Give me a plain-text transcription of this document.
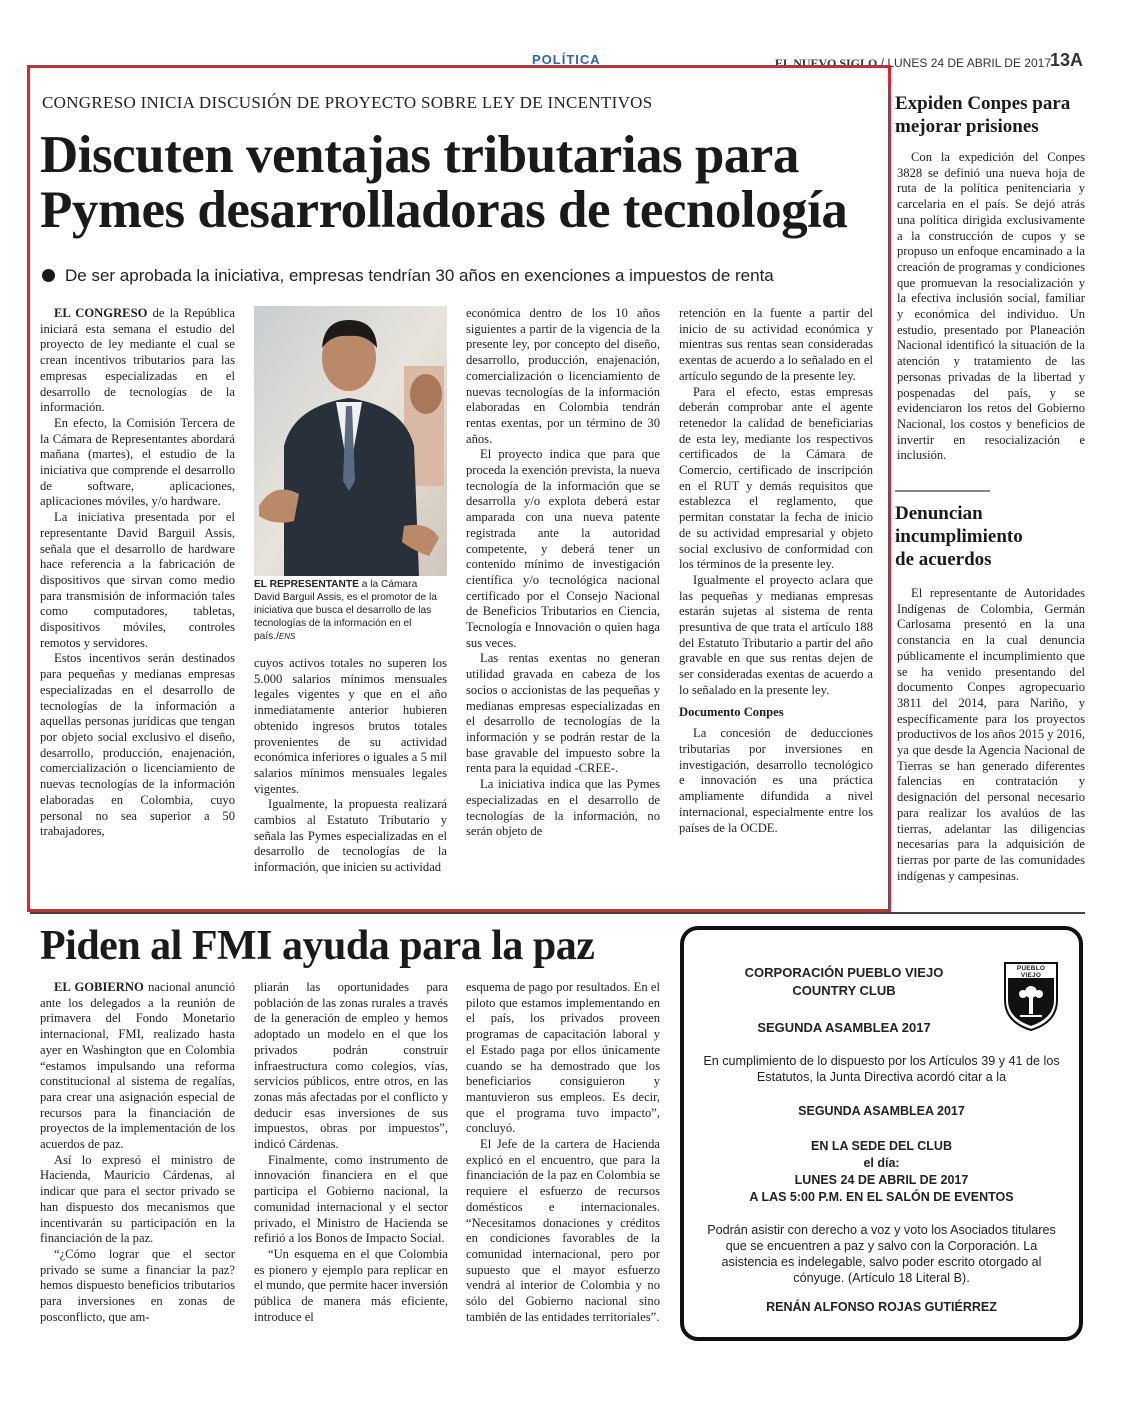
POLÍTICA	EL NUEVO SIGLO / LUNES 24 DE ABRIL DE 2017
13A
CONGRESO INICIA DISCUSIÓN DE PROYECTO SOBRE LEY DE INCENTIVOS
Discuten ventajas tributarias para
Pymes desarrolladoras de tecnología
De ser aprobada la iniciativa, empresas tendrían 30 años en exenciones a impuestos de renta

EL CONGRESO de la República iniciará esta semana el estudio del proyecto de ley mediante el cual se crean incentivos tributarios para las empresas especializadas en el desarrollo de tecnologías de la información.

En efecto, la Comisión Tercera de la Cámara de Representantes abordará mañana (martes), el estudio de la iniciativa que comprende el desarrollo de software, aplicaciones, aplicaciones móviles, y/o hardware.

La iniciativa presentada por el representante David Barguil Assis, señala que el desarrollo de hardware hace referencia a la fabricación de dispositivos que sirvan como medio para transmisión de información tales como computadores, tabletas, dispositivos móviles, controles remotos y servidores.

Estos incentivos serán destinados para pequeñas y medianas empresas especializadas en el desarrollo de tecnologías de la información a aquellas personas jurídicas que tengan por objeto social exclusivo el diseño, desarrollo, producción, enajenación, comercialización o licenciamiento de nuevas tecnologías de la información elaboradas en Colombia, cuyo personal no sea superior a 50 trabajadores,

EL REPRESENTANTE a la Cámara David Barguil Assis, es el promotor de la iniciativa que busca el desarrollo de las tecnologías de la información en el país./ENS

cuyos activos totales no superen los 5.000 salarios mínimos mensuales legales vigentes y que en el año inmediatamente anterior hubieren obtenido ingresos brutos totales provenientes de su actividad económica inferiores o iguales a 5 mil salarios mínimos mensuales legales vigentes.

Igualmente, la propuesta realizará cambios al Estatuto Tributario y señala las Pymes especializadas en el desarrollo de tecnologías de la información, que inicien su actividad

económica dentro de los 10 años siguientes a partir de la vigencia de la presente ley, por concepto del diseño, desarrollo, producción, enajenación, comercialización o licenciamiento de nuevas tecnologías de la información elaboradas en Colombia tendrán rentas exentas, por un término de 30 años.

El proyecto indica que para que proceda la exención prevista, la nueva tecnología de la información que se desarrolla y/o explota deberá estar amparada con una nueva patente registrada ante la autoridad competente, y deberá tener un contenido mínimo de investigación científica y/o tecnológica nacional certificado por el Consejo Nacional de Beneficios Tributarios en Ciencia, Tecnología e Innovación o quien haga sus veces.

Las rentas exentas no generan utilidad gravada en cabeza de los socios o accionistas de las pequeñas y medianas empresas especializadas en el desarrollo de tecnologías de la información y se podrán restar de la base gravable del impuesto sobre la renta para la equidad -CREE-.

La iniciativa indica que las Pymes especializadas en el desarrollo de tecnologías de la información, no serán objeto de

retención en la fuente a partir del inicio de su actividad económica y mientras sus rentas sean consideradas exentas de acuerdo a lo señalado en el artículo segundo de la presente ley.

Para el efecto, estas empresas deberán comprobar ante el agente retenedor la calidad de beneficiarias de esta ley, mediante los respectivos certificados de la Cámara de Comercio, certificado de inscripción en el RUT y demás requisitos que establezca el reglamento, que permitan constatar la fecha de inicio de su actividad empresarial y objeto social exclusivo de conformidad con los términos de la presente ley.

Igualmente el proyecto aclara que las pequeñas y medianas empresas estarán sujetas al sistema de renta presuntiva de que trata el artículo 188 del Estatuto Tributario a partir del año gravable en que sus rentas dejen de ser consideradas exentas de acuerdo a lo señalado en la presente ley.

Documento Conpes

La concesión de deducciones tributarias por inversiones en investigación, desarrollo tecnológico e innovación es una práctica ampliamente difundida a nivel internacional, especialmente entre los países de la OCDE.

Expiden Conpes para
mejorar prisiones

Con la expedición del Conpes 3828 se definió una nueva hoja de ruta de la política penitenciaria y carcelaria en el país. Se dejó atrás una política dirigida exclusivamente a la construcción de cupos y se propuso un enfoque encaminado a la creación de programas y condiciones que promuevan la resocialización y la efectiva inclusión social, familiar y económica del individuo. Un estudio, presentado por Planeación Nacional identificó la situación de la atención y tratamiento de las personas privadas de la libertad y pospenadas del país, y se evidenciaron los retos del Gobierno Nacional, los costos y beneficios de invertir en resocialización e inclusión.

Denuncian
incumplimiento
de acuerdos

El representante de Autoridades Indígenas de Colombia, Germán Carlosama presentó en la una constancia en la cual denuncia públicamente el incumplimiento que se ha venido presentando del documento Conpes agropecuario 3811 del 2014, para Nariño, y específicamente para los proyectos productivos de los años 2015 y 2016, ya que desde la Agencia Nacional de Tierras se han generado diferentes falencias en contratación y designación del personal necesario para realizar los avalúos de las tierras, adelantar las diligencias necesarias para la adquisición de tierras por parte de las comunidades indígenas y campesinas.

Piden al FMI ayuda para la paz

EL GOBIERNO nacional anunció ante los delegados a la reunión de primavera del Fondo Monetario internacional, FMI, realizado hasta ayer en Washington que en Colombia “estamos impulsando una reforma constitucional al sistema de regalías, para crear una asignación especial de recursos para la financiación de proyectos de la implementación de los acuerdos de paz.

Así lo expresó el ministro de Hacienda, Mauricio Cárdenas, al indicar que para el sector privado se han dispuesto dos mecanismos que incentivarán su participación en la financiación de la paz.

“¿Cómo lograr que el sector privado se sume a financiar la paz? hemos dispuesto beneficios tributarios para inversiones en zonas de posconflicto, que am-

pliarán las oportunidades para población de las zonas rurales a través de la generación de empleo y hemos adoptado un modelo en el que los privados podrán construir infraestructura como colegios, vías, servicios públicos, entre otros, en las zonas más afectadas por el conflicto y deducir esas inversiones de sus impuestos, obras por impuestos”, indicó Cárdenas.

Finalmente, como instrumento de innovación financiera en el que participa el Gobierno nacional, la comunidad internacional y el sector privado, el Ministro de Hacienda se refirió a los Bonos de Impacto Social.

“Un esquema en el que Colombia es pionero y ejemplo para replicar en el mundo, que permite hacer inversión pública de manera más eficiente, introduce el

esquema de pago por resultados. En el piloto que estamos implementando en el país, los privados proveen programas de capacitación laboral y el Estado paga por ellos únicamente cuando se ha demostrado que los beneficiarios consiguieron y mantuvieron sus empleos. Es decir, que el programa tuvo impacto”, concluyó.

El Jefe de la cartera de Hacienda explicó en el encuentro, que para la financiación de la paz en Colombia se requiere el esfuerzo de recursos domésticos e internacionales. “Necesitamos donaciones y créditos en condiciones favorables de la comunidad internacional, pero por supuesto que el mayor esfuerzo vendrá al interior de Colombia y no sólo del Gobierno nacional sino también de las entidades territoriales”.

CORPORACIÓN PUEBLO VIEJO
COUNTRY CLUB
PUEBLO VIEJO
SEGUNDA ASAMBLEA 2017
En cumplimiento de lo dispuesto por los Artículos 39 y 41 de los Estatutos, la Junta Directiva acordó citar a la
SEGUNDA ASAMBLEA 2017
EN LA SEDE DEL CLUB
el día:
LUNES 24 DE ABRIL DE 2017
A LAS 5:00 P.M. EN EL SALÓN DE EVENTOS
Podrán asistir con derecho a voz y voto los Asociados titulares que se encuentren a paz y salvo con la Corporación. La asistencia es indelegable, salvo poder escrito otorgado al cónyuge. (Artículo 18 Literal B).
RENÁN ALFONSO ROJAS GUTIÉRREZ
